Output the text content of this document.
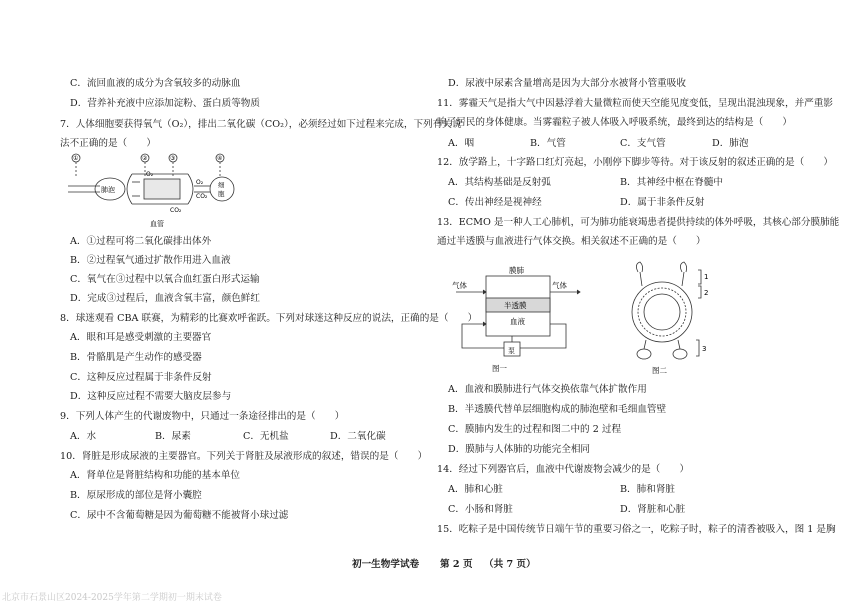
C．流回血液的成分为含氧较多的动脉血
D．营养补充液中应添加淀粉、蛋白质等物质
7．人体细胞要获得氧气（O₂），排出二氧化碳（CO₂），必须经过如下过程来完成，下列有关说
法不正确的是（　　）
肺泡
①	②	③	④
O₂
CO₂
O₂
CO₂
细
胞
血管
A．①过程可将二氧化碳排出体外
B．②过程氧气通过扩散作用进入血液
C．氧气在③过程中以氧合血红蛋白形式运输
D．完成③过程后，血液含氧丰富，颜色鲜红
8．球迷观看 CBA 联赛，为精彩的比赛欢呼雀跃。下列对球迷这种反应的说法，正确的是（　　）
A．眼和耳是感受刺激的主要器官
B．骨骼肌是产生动作的感受器
C．这种反应过程属于非条件反射
D．这种反应过程不需要大脑皮层参与
9．下列人体产生的代谢废物中，只通过一条途径排出的是（　　）
A．水	B．尿素	C．无机盐	D．二氧化碳
10．肾脏是形成尿液的主要器官。下列关于肾脏及尿液形成的叙述，错误的是（　　）
A．肾单位是肾脏结构和功能的基本单位
B．原尿形成的部位是肾小囊腔
C．尿中不含葡萄糖是因为葡萄糖不能被肾小球过滤
D．尿液中尿素含量增高是因为大部分水被肾小管重吸收
11．雾霾天气是指大气中因悬浮着大量微粒而使天空能见度变低，呈现出混浊现象，并严重影
响了居民的身体健康。当雾霾粒子被人体吸入呼吸系统，最终到达的结构是（　　）
A．咽	B．气管	C．支气管	D．肺泡
12．放学路上，十字路口红灯亮起，小刚停下脚步等待。对于该反射的叙述正确的是（　　）
A．其结构基础是反射弧	B．其神经中枢在脊髓中
C．传出神经是视神经	D．属于非条件反射
13．ECMO 是一种人工心肺机，可为肺功能衰竭患者提供持续的体外呼吸，其核心部分膜肺能
通过半透膜与血液进行气体交换。相关叙述不正确的是（　　）
膜肺
气体	气体
半透膜
血液
泵
图一
1
2
3
图二
A．血液和膜肺进行气体交换依靠气体扩散作用
B．半透膜代替单层细胞构成的肺泡壁和毛细血管壁
C．膜肺内发生的过程和图二中的 2 过程
D．膜肺与人体肺的功能完全相同
14．经过下列器官后，血液中代谢废物会减少的是（　　）
A．肺和心脏	B．肺和肾脏
C．小肠和肾脏	D．肾脏和心脏
15．吃粽子是中国传统节日端午节的重要习俗之一，吃粽子时，粽子的清香被吸入，图 1 是胸
初一生物学试卷 第 2 页 （共 7 页）
北京市石景山区2024-2025学年第二学期初一期末试卷
